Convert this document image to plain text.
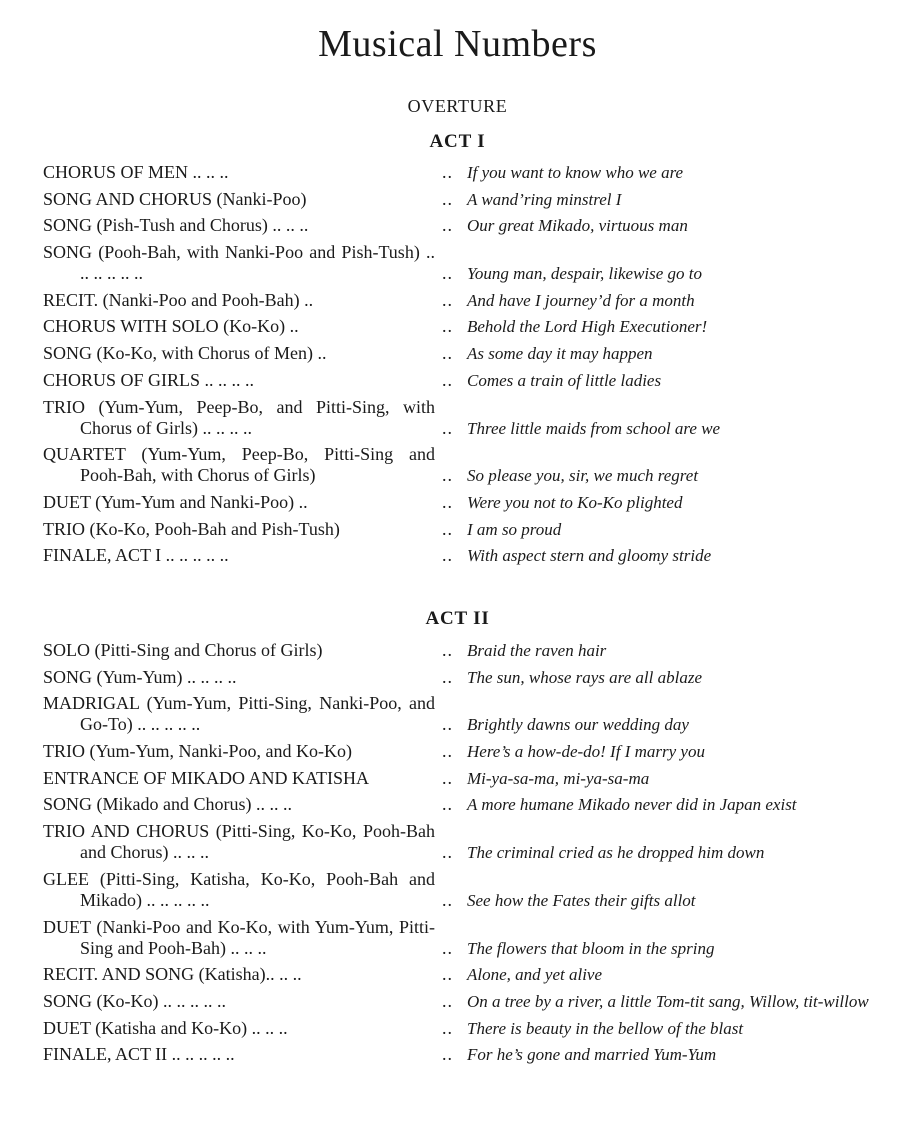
Musical Numbers
OVERTURE
ACT I
CHORUS OF MEN .. .. ..	.. If you want to know who we are
SONG AND CHORUS (Nanki-Poo)	.. A wand’ring minstrel I
SONG (Pish-Tush and Chorus) .. .. ..	.. Our great Mikado, virtuous man
SONG (Pooh-Bah, with Nanki-Poo and Pish-Tush) .. .. .. .. .. ..	.. Young man, despair, likewise go to
RECIT. (Nanki-Poo and Pooh-Bah) ..	.. And have I journey’d for a month
CHORUS WITH SOLO (Ko-Ko) ..	.. Behold the Lord High Executioner!
SONG (Ko-Ko, with Chorus of Men) ..	.. As some day it may happen
CHORUS OF GIRLS .. .. .. ..	.. Comes a train of little ladies
TRIO (Yum-Yum, Peep-Bo, and Pitti-Sing, with Chorus of Girls) .. .. .. ..	.. Three little maids from school are we
QUARTET (Yum-Yum, Peep-Bo, Pitti-Sing and Pooh-Bah, with Chorus of Girls)	.. So please you, sir, we much regret
DUET (Yum-Yum and Nanki-Poo) ..	.. Were you not to Ko-Ko plighted
TRIO (Ko-Ko, Pooh-Bah and Pish-Tush)	.. I am so proud
FINALE, ACT I .. .. .. .. ..	.. With aspect stern and gloomy stride
ACT II
SOLO (Pitti-Sing and Chorus of Girls)	.. Braid the raven hair
SONG (Yum-Yum) .. .. .. ..	.. The sun, whose rays are all ablaze
MADRIGAL (Yum-Yum, Pitti-Sing, Nanki-Poo, and Go-To) .. .. .. .. ..	.. Brightly dawns our wedding day
TRIO (Yum-Yum, Nanki-Poo, and Ko-Ko)	.. Here’s a how-de-do! If I marry you
ENTRANCE OF MIKADO AND KATISHA	.. Mi-ya-sa-ma, mi-ya-sa-ma
SONG (Mikado and Chorus) .. .. ..	.. A more humane Mikado never did in Japan exist
TRIO AND CHORUS (Pitti-Sing, Ko-Ko, Pooh-Bah and Chorus) .. .. ..	.. The criminal cried as he dropped him down
GLEE (Pitti-Sing, Katisha, Ko-Ko, Pooh-Bah and Mikado) .. .. .. .. ..	.. See how the Fates their gifts allot
DUET (Nanki-Poo and Ko-Ko, with Yum-Yum, Pitti-Sing and Pooh-Bah) .. .. ..	.. The flowers that bloom in the spring
RECIT. AND SONG (Katisha).. .. ..	.. Alone, and yet alive
SONG (Ko-Ko) .. .. .. .. ..	.. On a tree by a river, a little Tom-tit sang, Willow, tit-willow
DUET (Katisha and Ko-Ko) .. .. ..	.. There is beauty in the bellow of the blast
FINALE, ACT II .. .. .. .. ..	.. For he’s gone and married Yum-Yum
